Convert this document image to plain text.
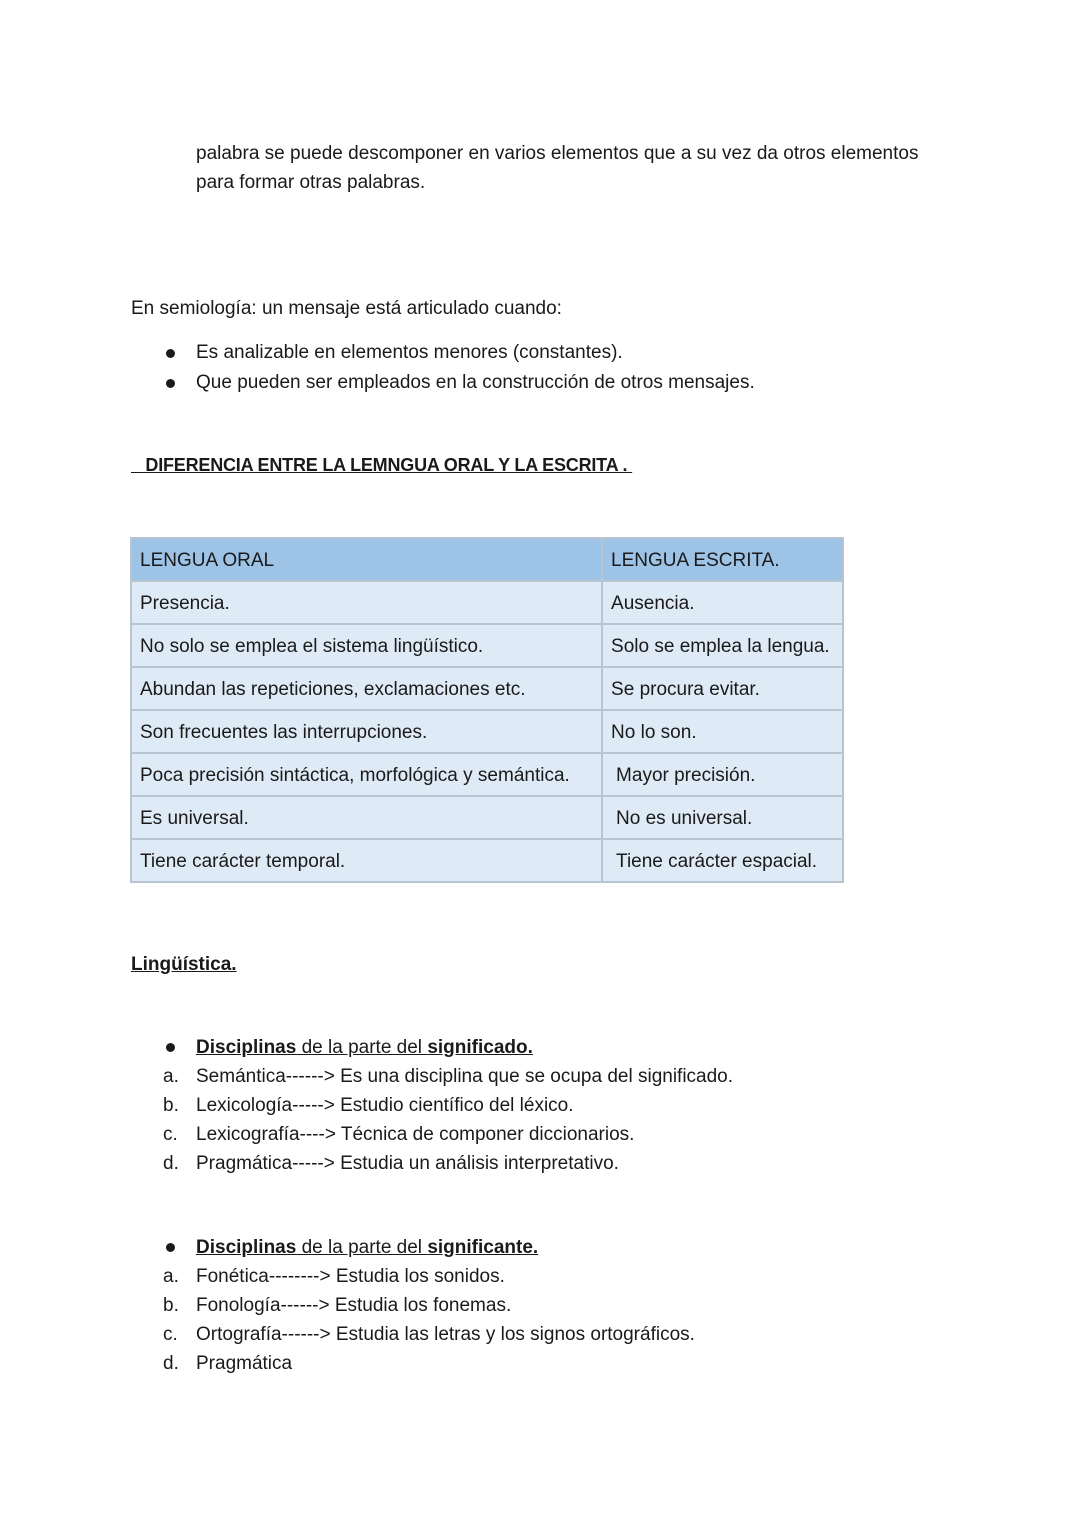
palabra se puede descomponer en varios elementos que a su vez da otros elementos
para formar otras palabras.
En semiología: un mensaje está articulado cuando:
Es analizable en elementos menores (constantes).
Que pueden ser empleados en la construcción de otros mensajes.
DIFERENCIA ENTRE LA LEMNGUA ORAL Y LA ESCRITA .
LENGUA ORAL	LENGUA ESCRITA.
Presencia.	Ausencia.
No solo se emplea el sistema lingüístico.	Solo se emplea la lengua.
Abundan las repeticiones, exclamaciones etc.	Se procura evitar.
Son frecuentes las interrupciones.	No lo son.
Poca precisión sintáctica, morfológica y semántica.	Mayor precisión.
Es universal.	No es universal.
Tiene carácter temporal.	Tiene carácter espacial.
Lingüística.
Disciplinas de la parte del significado.
a. Semántica------> Es una disciplina que se ocupa del significado.
b. Lexicología-----> Estudio científico del léxico.
c. Lexicografía----> Técnica de componer diccionarios.
d. Pragmática-----> Estudia un análisis interpretativo.
Disciplinas de la parte del significante.
a. Fonética--------> Estudia los sonidos.
b. Fonología------> Estudia los fonemas.
c. Ortografía------> Estudia las letras y los signos ortográficos.
d. Pragmática
